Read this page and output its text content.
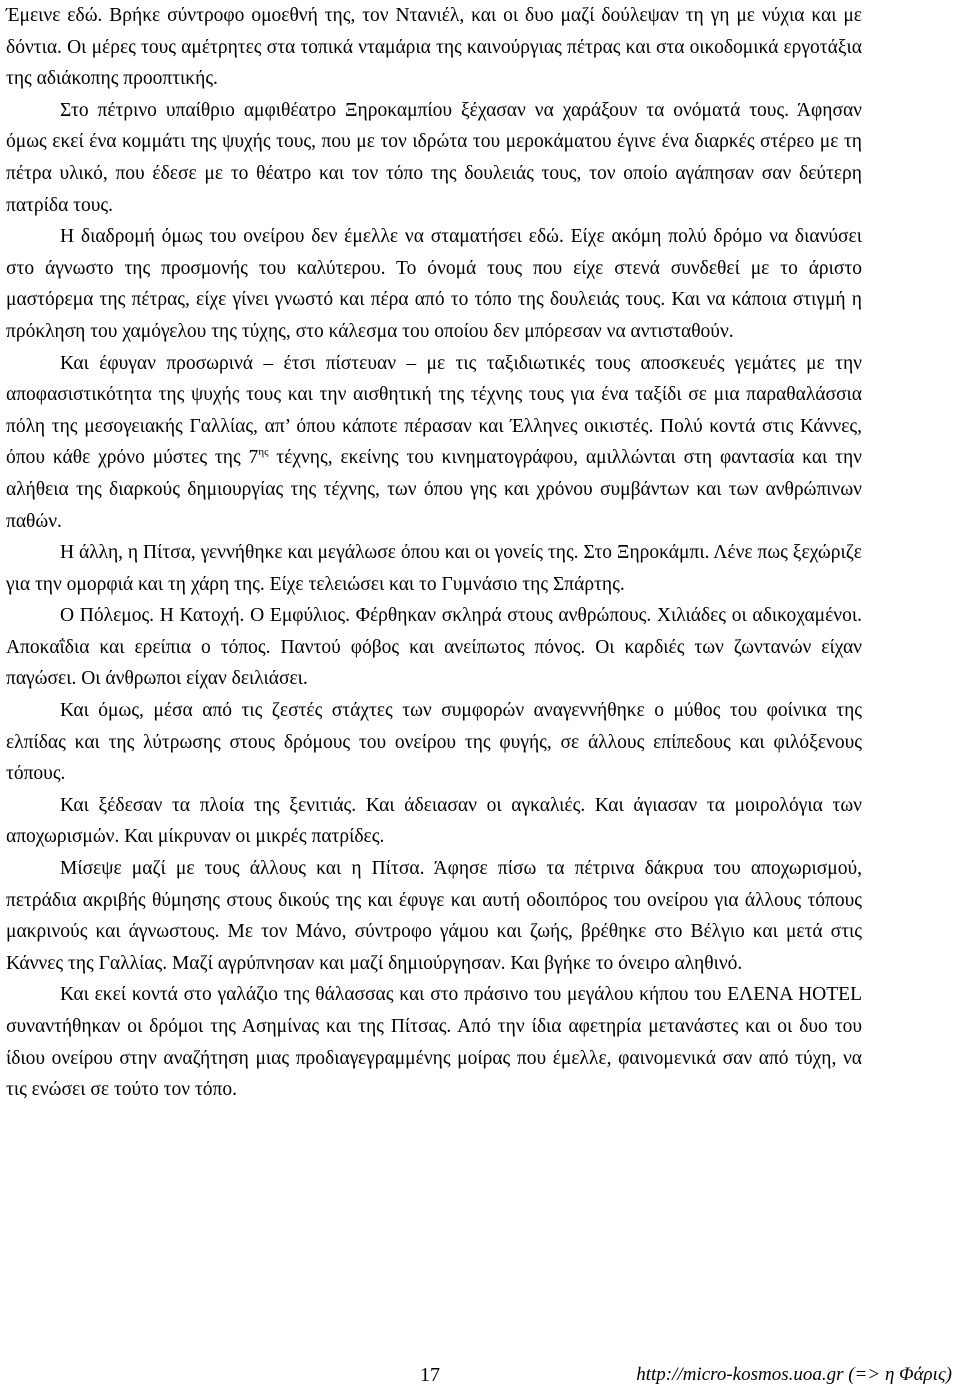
Έμεινε εδώ. Βρήκε σύντροφο ομοεθνή της, τον Ντανιέλ, και οι δυο μαζί δούλεψαν τη γη με νύχια και με δόντια. Οι μέρες τους αμέτρητες στα τοπικά νταμάρια της καινούργιας πέτρας και στα οικοδομικά εργοτάξια της αδιάκοπης προοπτικής.

Στο πέτρινο υπαίθριο αμφιθέατρο Ξηροκαμπίου ξέχασαν να χαράξουν τα ονόματά τους. Άφησαν όμως εκεί ένα κομμάτι της ψυχής τους, που με τον ιδρώτα του μεροκάματου έγινε ένα διαρκές στέρεο με τη πέτρα υλικό, που έδεσε με το θέατρο και τον τόπο της δουλειάς τους, τον οποίο αγάπησαν σαν δεύτερη πατρίδα τους.

Η διαδρομή όμως του ονείρου δεν έμελλε να σταματήσει εδώ. Είχε ακόμη πολύ δρόμο να διανύσει στο άγνωστο της προσμονής του καλύτερου. Το όνομά τους που είχε στενά συνδεθεί με το άριστο μαστόρεμα της πέτρας, είχε γίνει γνωστό και πέρα από το τόπο της δουλειάς τους. Και να κάποια στιγμή η πρόκληση του χαμόγελου της τύχης, στο κάλεσμα του οποίου δεν μπόρεσαν να αντισταθούν.

Και έφυγαν προσωρινά – έτσι πίστευαν – με τις ταξιδιωτικές τους αποσκευές γεμάτες με την αποφασιστικότητα της ψυχής τους και την αισθητική της τέχνης τους για ένα ταξίδι σε μια παραθαλάσσια πόλη της μεσογειακής Γαλλίας, απ’ όπου κάποτε πέρασαν και Έλληνες οικιστές. Πολύ κοντά στις Κάννες, όπου κάθε χρόνο μύστες της $7^{\eta\varsigma}$ τέχνης, εκείνης του κινηματογράφου, αμιλλώνται στη φαντασία και την αλήθεια της διαρκούς δημιουργίας της τέχνης, των όπου γης και χρόνου συμβάντων και των ανθρώπινων παθών.

Η άλλη, η Πίτσα, γεννήθηκε και μεγάλωσε όπου και οι γονείς της. Στο Ξηροκάμπι. Λένε πως ξεχώριζε για την ομορφιά και τη χάρη της. Είχε τελειώσει και το Γυμνάσιο της Σπάρτης.

Ο Πόλεμος. Η Κατοχή. Ο Εμφύλιος. Φέρθηκαν σκληρά στους ανθρώπους. Χιλιάδες οι αδικοχαμένοι. Αποκαΐδια και ερείπια ο τόπος. Παντού φόβος και ανείπωτος πόνος. Οι καρδιές των ζωντανών είχαν παγώσει. Οι άνθρωποι είχαν δειλιάσει.

Και όμως, μέσα από τις ζεστές στάχτες των συμφορών αναγεννήθηκε ο μύθος του φοίνικα της ελπίδας και της λύτρωσης στους δρόμους του ονείρου της φυγής, σε άλλους επίπεδους και φιλόξενους τόπους.

Και ξέδεσαν τα πλοία της ξενιτιάς. Και άδειασαν οι αγκαλιές. Και άγιασαν τα μοιρολόγια των αποχωρισμών. Και μίκρυναν οι μικρές πατρίδες.

Μίσεψε μαζί με τους άλλους και η Πίτσα. Άφησε πίσω τα πέτρινα δάκρυα του αποχωρισμού, πετράδια ακριβής θύμησης στους δικούς της και έφυγε και αυτή οδοιπόρος του ονείρου για άλλους τόπους μακρινούς και άγνωστους. Με τον Μάνο, σύντροφο γάμου και ζωής, βρέθηκε στο Βέλγιο και μετά στις Κάννες της Γαλλίας. Μαζί αγρύπνησαν και μαζί δημιούργησαν. Και βγήκε το όνειρο αληθινό.

Και εκεί κοντά στο γαλάζιο της θάλασσας και στο πράσινο του μεγάλου κήπου του ΕΛΕΝΑ HOTEL συναντήθηκαν οι δρόμοι της Ασημίνας και της Πίτσας. Από την ίδια αφετηρία μετανάστες και οι δυο του ίδιου ονείρου στην αναζήτηση μιας προδιαγεγραμμένης μοίρας που έμελλε, φαινομενικά σαν από τύχη, να τις ενώσει σε τούτο τον τόπο.

17	http://micro-kosmos.uoa.gr (=> η Φάρις)
